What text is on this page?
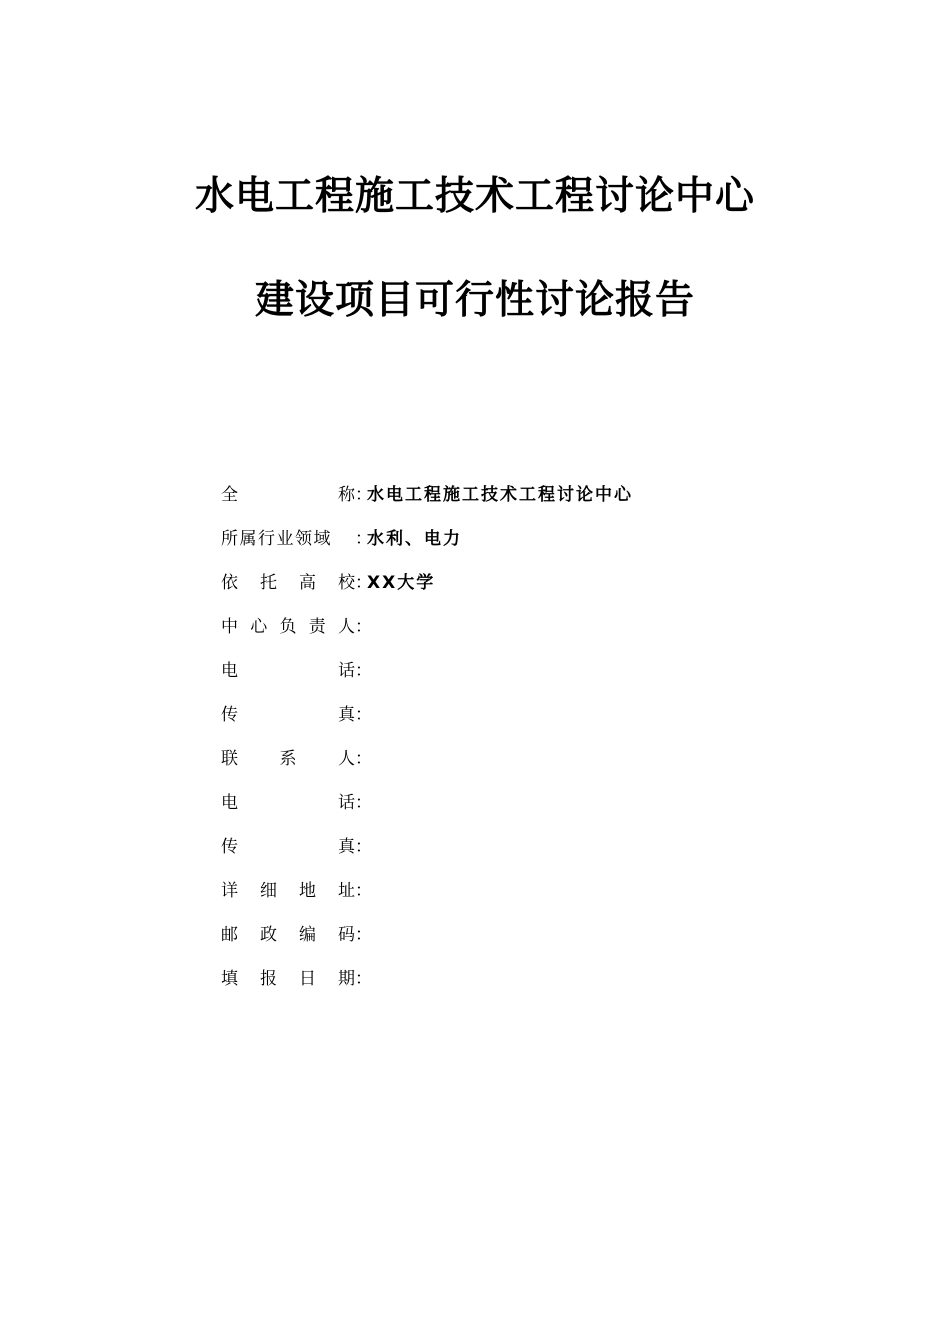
水电工程施工技术工程讨论中心
建设项目可行性讨论报告
全	称 ：
水电工程施工技术工程讨论中心
所属行业领域 ：
水利、电力
依 托 高 校 ：
XX大学
中 心 负 责 人 ：
电	话 ：
传	真 ：
联 系 人 ：
电	话 ：
传	真 ：
详 细 地 址 ：
邮 政 编 码 ：
填 报 日 期 ：
